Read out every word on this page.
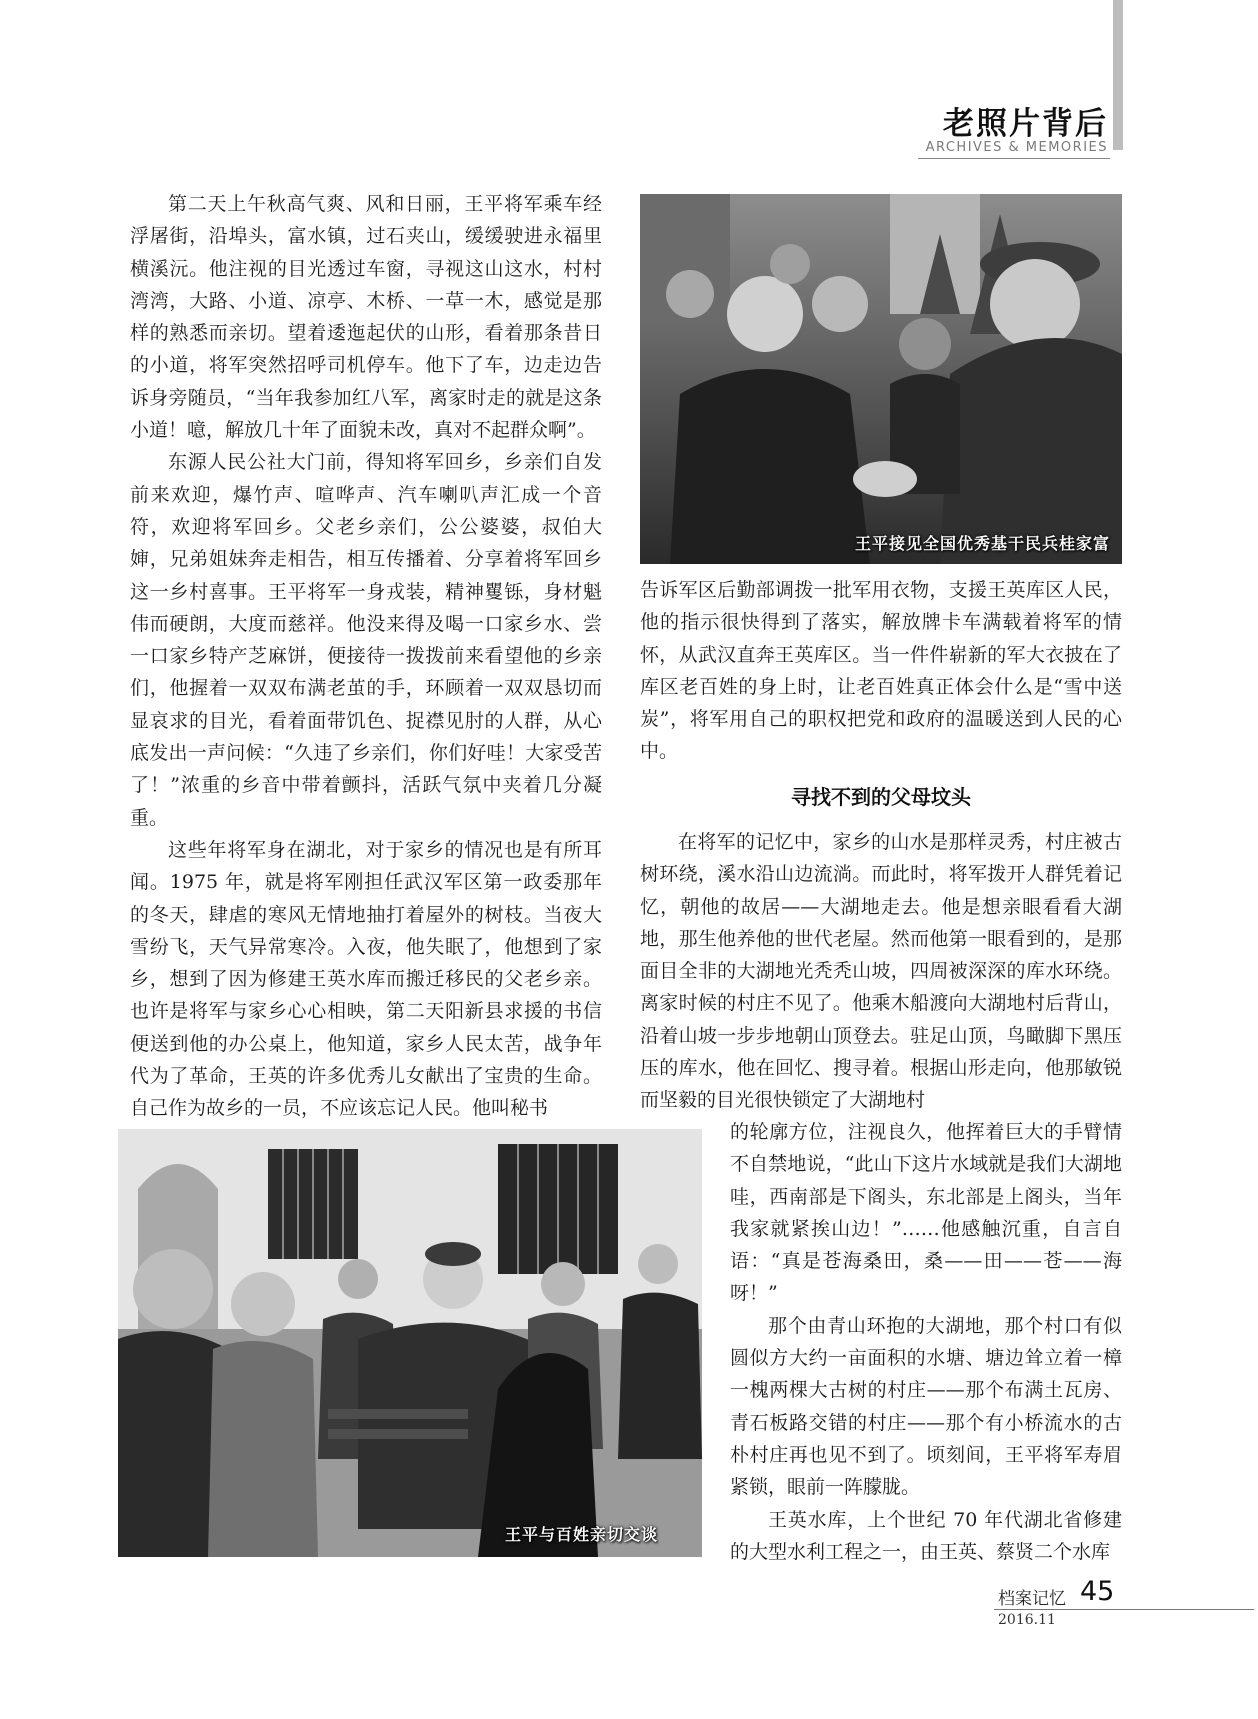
老照片背后
ARCHIVES & MEMORIES

第二天上午秋高气爽、风和日丽，王平将军乘车经浮屠街，沿埠头，富水镇，过石夹山，缓缓驶进永福里横溪沅。他注视的目光透过车窗，寻视这山这水，村村湾湾，大路、小道、凉亭、木桥、一草一木，感觉是那样的熟悉而亲切。望着逶迤起伏的山形，看着那条昔日的小道，将军突然招呼司机停车。他下了车，边走边告诉身旁随员，“当年我参加红八军，离家时走的就是这条小道！噫，解放几十年了面貌未改，真对不起群众啊”。

东源人民公社大门前，得知将军回乡，乡亲们自发前来欢迎，爆竹声、喧哗声、汽车喇叭声汇成一个音符，欢迎将军回乡。父老乡亲们，公公婆婆，叔伯大婶，兄弟姐妹奔走相告，相互传播着、分享着将军回乡这一乡村喜事。王平将军一身戎装，精神矍铄，身材魁伟而硬朗，大度而慈祥。他没来得及喝一口家乡水、尝一口家乡特产芝麻饼，便接待一拨拨前来看望他的乡亲们，他握着一双双布满老茧的手，环顾着一双双恳切而显哀求的目光，看着面带饥色、捉襟见肘的人群，从心底发出一声问候：“久违了乡亲们，你们好哇！大家受苦了！”浓重的乡音中带着颤抖，活跃气氛中夹着几分凝重。

这些年将军身在湖北，对于家乡的情况也是有所耳闻。1975 年，就是将军刚担任武汉军区第一政委那年的冬天，肆虐的寒风无情地抽打着屋外的树枝。当夜大雪纷飞，天气异常寒冷。入夜，他失眠了，他想到了家乡，想到了因为修建王英水库而搬迁移民的父老乡亲。也许是将军与家乡心心相映，第二天阳新县求援的书信便送到他的办公桌上，他知道，家乡人民太苦，战争年代为了革命，王英的许多优秀儿女献出了宝贵的生命。自己作为故乡的一员，不应该忘记人民。他叫秘书

王平接见全国优秀基干民兵桂家富

告诉军区后勤部调拨一批军用衣物，支援王英库区人民，他的指示很快得到了落实，解放牌卡车满载着将军的情怀，从武汉直奔王英库区。当一件件崭新的军大衣披在了库区老百姓的身上时，让老百姓真正体会什么是“雪中送炭”，将军用自己的职权把党和政府的温暖送到人民的心中。

寻找不到的父母坟头

在将军的记忆中，家乡的山水是那样灵秀，村庄被古树环绕，溪水沿山边流淌。而此时，将军拨开人群凭着记忆，朝他的故居——大湖地走去。他是想亲眼看看大湖地，那生他养他的世代老屋。然而他第一眼看到的，是那面目全非的大湖地光秃秃山坡，四周被深深的库水环绕。离家时候的村庄不见了。他乘木船渡向大湖地村后背山，沿着山坡一步步地朝山顶登去。驻足山顶，鸟瞰脚下黑压压的库水，他在回忆、搜寻着。根据山形走向，他那敏锐而坚毅的目光很快锁定了大湖地村

的轮廓方位，注视良久，他挥着巨大的手臂情不自禁地说，“此山下这片水域就是我们大湖地哇，西南部是下阁头，东北部是上阁头，当年我家就紧挨山边！”……他感触沉重，自言自语：“真是苍海桑田，桑——田——苍——海呀！”

那个由青山环抱的大湖地，那个村口有似圆似方大约一亩面积的水塘、塘边耸立着一樟一槐两棵大古树的村庄——那个布满土瓦房、青石板路交错的村庄——那个有小桥流水的古朴村庄再也见不到了。顷刻间，王平将军寿眉紧锁，眼前一阵朦胧。

王英水库，上个世纪 70 年代湖北省修建的大型水利工程之一，由王英、蔡贤二个水库

王平与百姓亲切交谈
档案记忆 45
2016.11
